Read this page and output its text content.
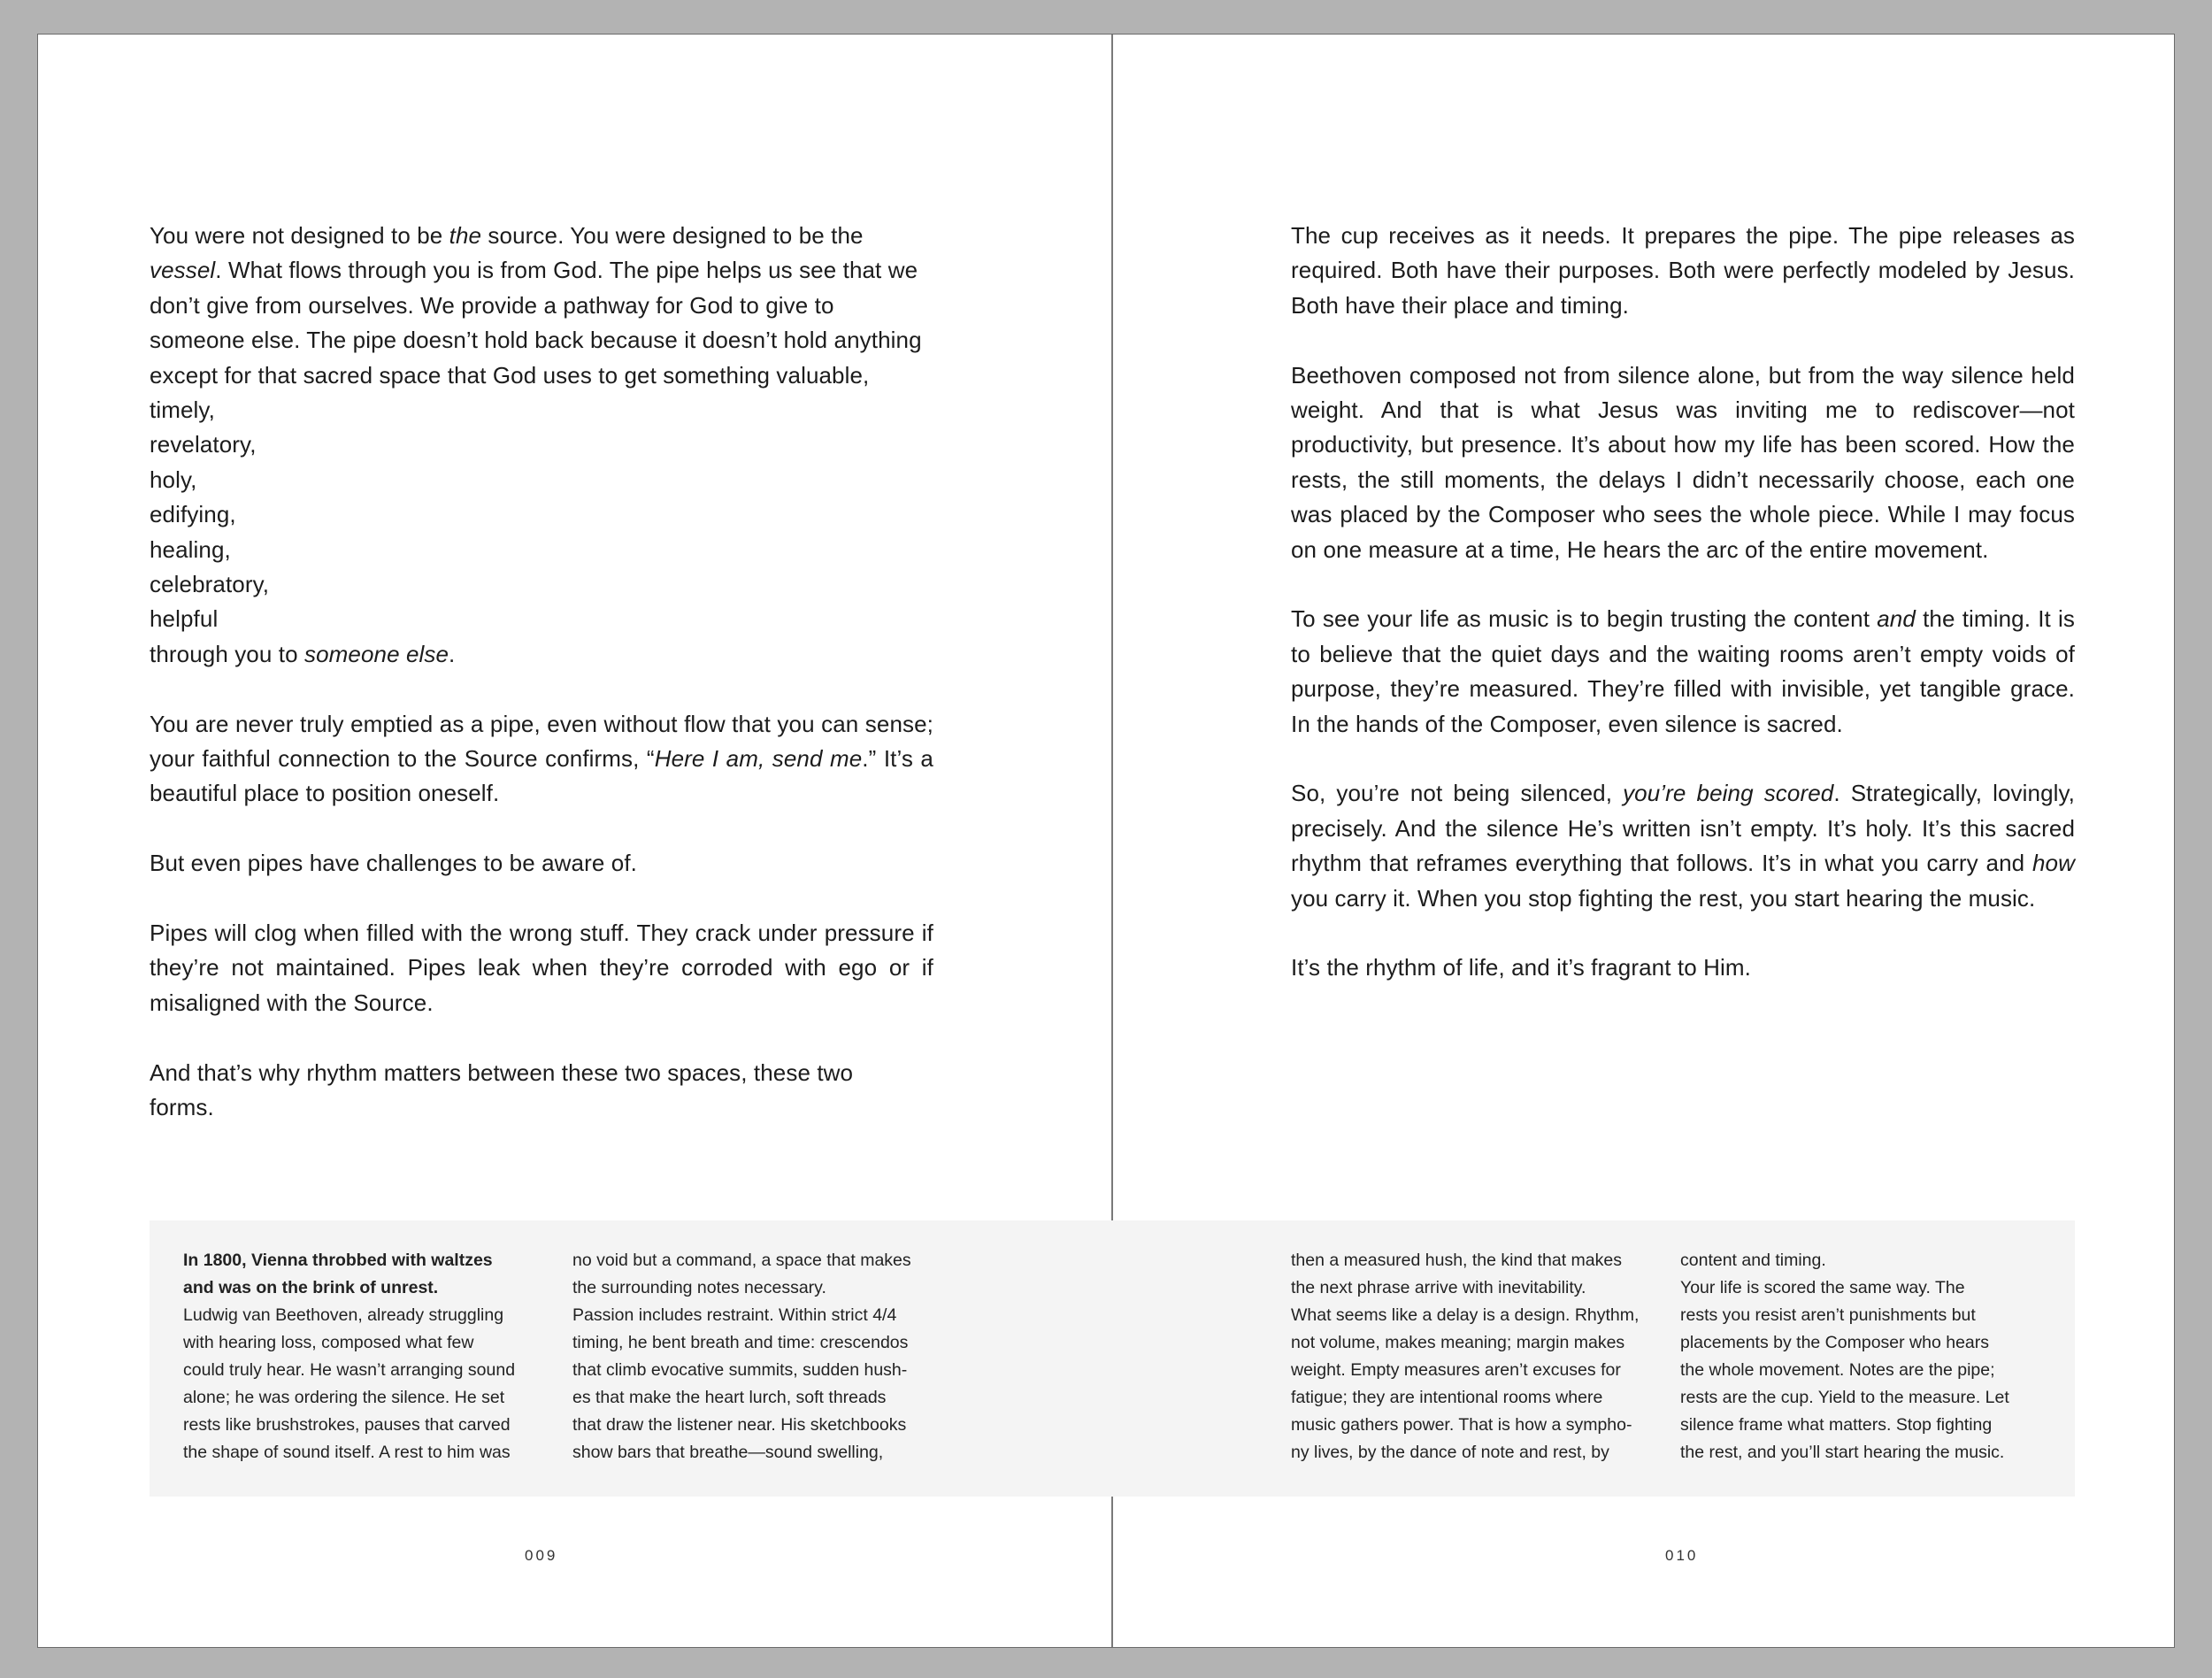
You were not designed to be the source. You were designed to be the vessel. What flows through you is from God. The pipe helps us see that we don’t give from ourselves. We provide a pathway for God to give to someone else. The pipe doesn’t hold back because it doesn’t hold anything except for that sacred space that God uses to get something valuable,
timely,
revelatory,
holy,
edifying,
healing,
celebratory,
helpful
through you to someone else.

You are never truly emptied as a pipe, even without flow that you can sense; your faithful connection to the Source confirms, “Here I am, send me.” It’s a beautiful place to position oneself.

But even pipes have challenges to be aware of.

Pipes will clog when filled with the wrong stuff. They crack under pressure if they’re not maintained. Pipes leak when they’re corroded with ego or if misaligned with the Source.

And that’s why rhythm matters between these two spaces, these two forms.

The cup receives as it needs. It prepares the pipe. The pipe releases as required. Both have their purposes. Both were perfectly modeled by Jesus. Both have their place and timing.

Beethoven composed not from silence alone, but from the way silence held weight. And that is what Jesus was inviting me to rediscover—not productivity, but presence. It’s about how my life has been scored. How the rests, the still moments, the delays I didn’t necessarily choose, each one was placed by the Composer who sees the whole piece. While I may focus on one measure at a time, He hears the arc of the entire movement.

To see your life as music is to begin trusting the content and the timing. It is to believe that the quiet days and the waiting rooms aren’t empty voids of purpose, they’re measured. They’re filled with invisible, yet tangible grace. In the hands of the Composer, even silence is sacred.

So, you’re not being silenced, you’re being scored. Strategically, lovingly, precisely. And the silence He’s written isn’t empty. It’s holy. It’s this sacred rhythm that reframes everything that follows. It’s in what you carry and how you carry it. When you stop fighting the rest, you start hearing the music.

It’s the rhythm of life, and it’s fragrant to Him.

In 1800, Vienna throbbed with waltzes
and was on the brink of unrest.
Ludwig van Beethoven, already struggling
with hearing loss, composed what few
could truly hear. He wasn’t arranging sound
alone; he was ordering the silence. He set
rests like brushstrokes, pauses that carved
the shape of sound itself. A rest to him was
no void but a command, a space that makes
the surrounding notes necessary.
Passion includes restraint. Within strict 4/4
timing, he bent breath and time: crescendos
that climb evocative summits, sudden hush-
es that make the heart lurch, soft threads
that draw the listener near. His sketchbooks
show bars that breathe—sound swelling,
then a measured hush, the kind that makes
the next phrase arrive with inevitability.
What seems like a delay is a design. Rhythm,
not volume, makes meaning; margin makes
weight. Empty measures aren’t excuses for
fatigue; they are intentional rooms where
music gathers power. That is how a sympho-
ny lives, by the dance of note and rest, by
content and timing.
Your life is scored the same way. The
rests you resist aren’t punishments but
placements by the Composer who hears
the whole movement. Notes are the pipe;
rests are the cup. Yield to the measure. Let
silence frame what matters. Stop fighting
the rest, and you’ll start hearing the music.
009	010
